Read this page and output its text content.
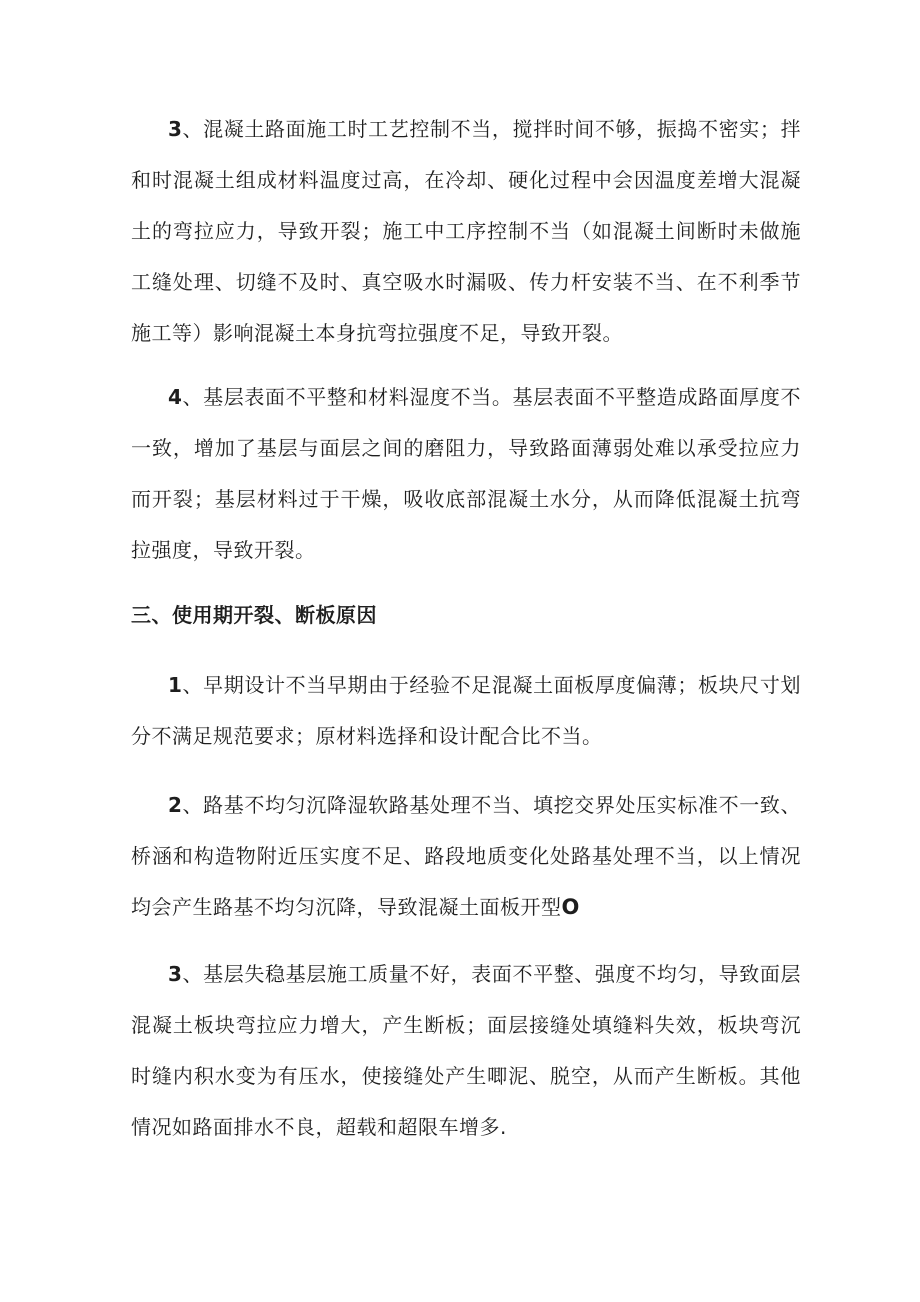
3、混凝土路面施工时工艺控制不当，搅拌时间不够，振捣不密实；拌和时混凝土组成材料温度过高，在冷却、硬化过程中会因温度差增大混凝土的弯拉应力，导致开裂；施工中工序控制不当（如混凝土间断时未做施工缝处理、切缝不及时、真空吸水时漏吸、传力杆安装不当、在不利季节施工等）影响混凝土本身抗弯拉强度不足，导致开裂。

4、基层表面不平整和材料湿度不当。基层表面不平整造成路面厚度不一致，增加了基层与面层之间的磨阻力，导致路面薄弱处难以承受拉应力而开裂；基层材料过于干燥，吸收底部混凝土水分，从而降低混凝土抗弯拉强度，导致开裂。

三、使用期开裂、断板原因

1、早期设计不当早期由于经验不足混凝土面板厚度偏薄；板块尺寸划分不满足规范要求；原材料选择和设计配合比不当。

2、路基不均匀沉降湿软路基处理不当、填挖交界处压实标准不一致、桥涵和构造物附近压实度不足、路段地质变化处路基处理不当，以上情况均会产生路基不均匀沉降，导致混凝土面板开型O

3、基层失稳基层施工质量不好，表面不平整、强度不均匀，导致面层混凝土板块弯拉应力增大，产生断板；面层接缝处填缝料失效，板块弯沉时缝内积水变为有压水，使接缝处产生唧泥、脱空，从而产生断板。其他情况如路面排水不良，超载和超限车增多.
